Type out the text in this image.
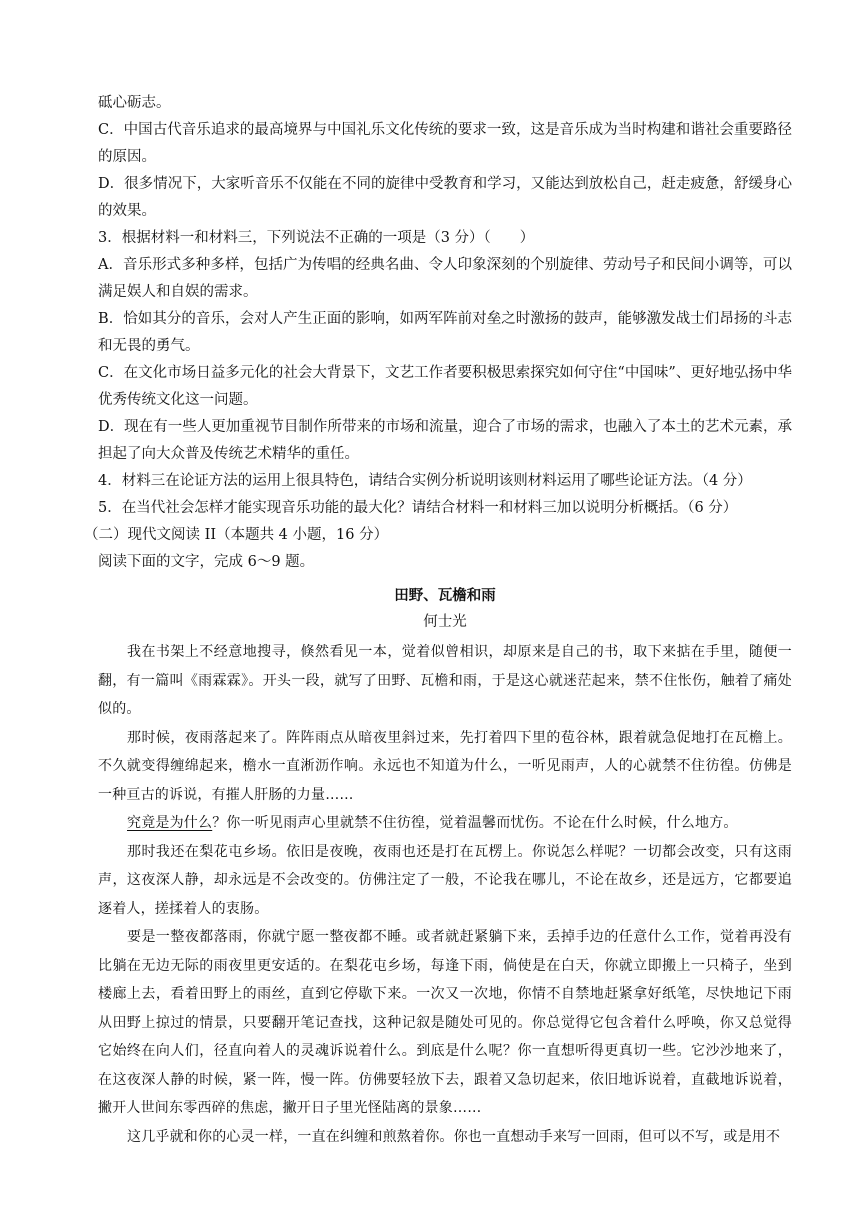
砥心砺志。

C．中国古代音乐追求的最高境界与中国礼乐文化传统的要求一致，这是音乐成为当时构建和谐社会重要路径的原因。

D．很多情况下，大家听音乐不仅能在不同的旋律中受教育和学习，又能达到放松自己，赶走疲惫，舒缓身心的效果。

3．根据材料一和材料三，下列说法不正确的一项是（3 分）（　　）

A．音乐形式多种多样，包括广为传唱的经典名曲、令人印象深刻的个别旋律、劳动号子和民间小调等，可以满足娱人和自娱的需求。

B．恰如其分的音乐，会对人产生正面的影响，如两军阵前对垒之时激扬的鼓声，能够激发战士们昂扬的斗志和无畏的勇气。

C．在文化市场日益多元化的社会大背景下，文艺工作者要积极思索探究如何守住“中国味”、更好地弘扬中华优秀传统文化这一问题。

D．现在有一些人更加重视节目制作所带来的市场和流量，迎合了市场的需求，也融入了本土的艺术元素，承担起了向大众普及传统艺术精华的重任。

4．材料三在论证方法的运用上很具特色，请结合实例分析说明该则材料运用了哪些论证方法。（4 分）

5．在当代社会怎样才能实现音乐功能的最大化？请结合材料一和材料三加以说明分析概括。（6 分）

（二）现代文阅读 II（本题共 4 小题，16 分）

阅读下面的文字，完成 6～9 题。

田野、瓦檐和雨

何士光

我在书架上不经意地搜寻，倏然看见一本，觉着似曾相识，却原来是自己的书，取下来掂在手里，随便一翻，有一篇叫《雨霖霖》。开头一段，就写了田野、瓦檐和雨，于是这心就迷茫起来，禁不住怅伤，触着了痛处似的。

那时候，夜雨落起来了。阵阵雨点从暗夜里斜过来，先打着四下里的苞谷林，跟着就急促地打在瓦檐上。不久就变得缠绵起来，檐水一直淅沥作响。永远也不知道为什么，一听见雨声，人的心就禁不住彷徨。仿佛是一种亘古的诉说，有摧人肝肠的力量……

究竟是为什么？你一听见雨声心里就禁不住彷徨，觉着温馨而忧伤。不论在什么时候，什么地方。

那时我还在梨花屯乡场。依旧是夜晚，夜雨也还是打在瓦楞上。你说怎么样呢？一切都会改变，只有这雨声，这夜深人静，却永远是不会改变的。仿佛注定了一般，不论我在哪儿，不论在故乡，还是远方，它都要追逐着人，搓揉着人的衷肠。

要是一整夜都落雨，你就宁愿一整夜都不睡。或者就赶紧躺下来，丢掉手边的任意什么工作，觉着再没有比躺在无边无际的雨夜里更安适的。在梨花屯乡场，每逢下雨，倘使是在白天，你就立即搬上一只椅子，坐到楼廊上去，看着田野上的雨丝，直到它停歇下来。一次又一次地，你情不自禁地赶紧拿好纸笔，尽快地记下雨从田野上掠过的情景，只要翻开笔记查找，这种记叙是随处可见的。你总觉得它包含着什么呼唤，你又总觉得它始终在向人们，径直向着人的灵魂诉说着什么。到底是什么呢？你一直想听得更真切一些。它沙沙地来了，在这夜深人静的时候，紧一阵，慢一阵。仿佛要轻放下去，跟着又急切起来，依旧地诉说着，直截地诉说着，撇开人世间东零西碎的焦虑，撇开日子里光怪陆离的景象……

这几乎就和你的心灵一样，一直在纠缠和煎熬着你。你也一直想动手来写一回雨，但可以不写，或是用不
